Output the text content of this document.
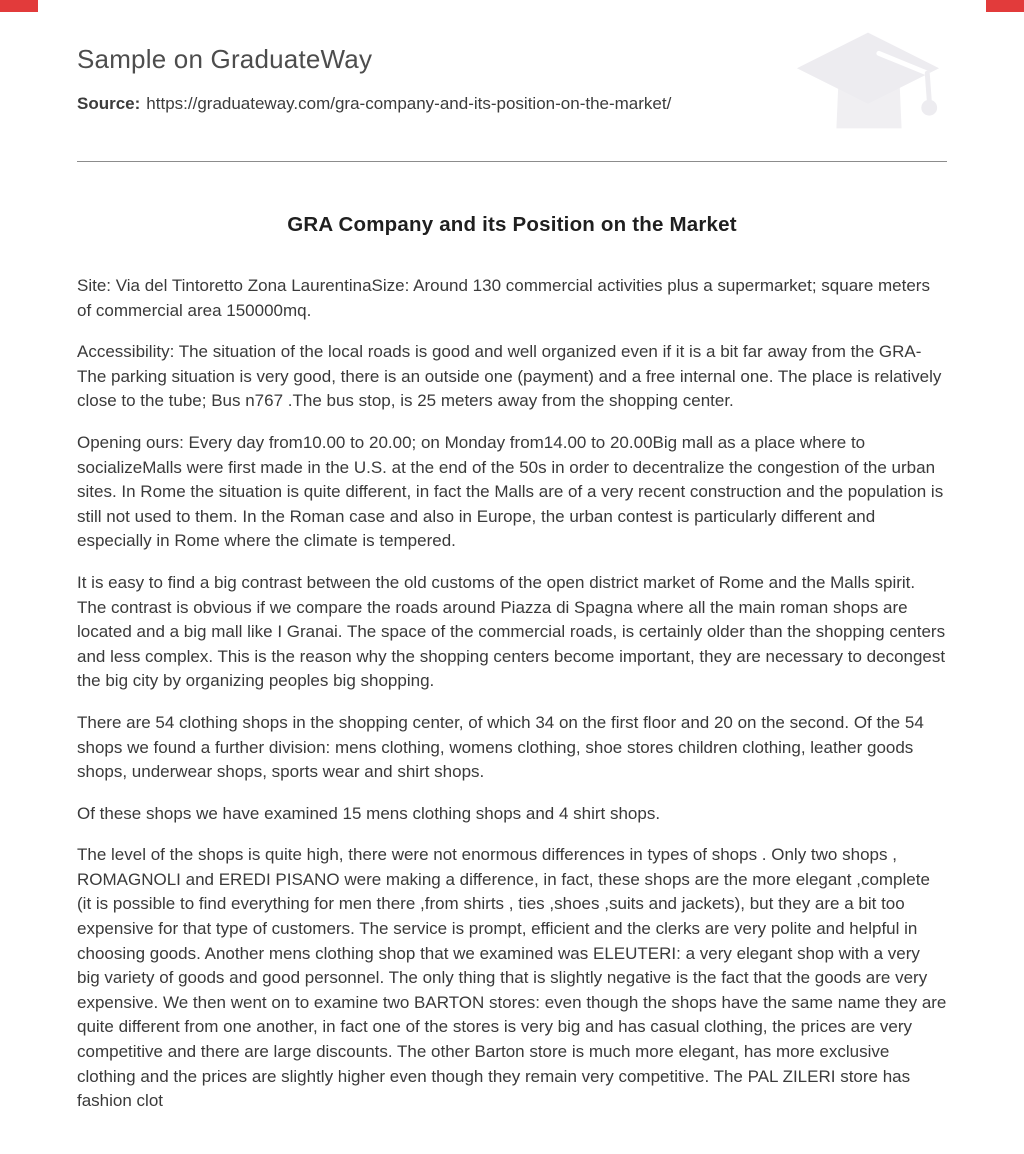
Sample on GraduateWay
Source: https://graduateway.com/gra-company-and-its-position-on-the-market/
GRA Company and its Position on the Market

Site: Via del Tintoretto Zona LaurentinaSize: Around 130 commercial activities plus a supermarket; square meters of commercial area 150000mq.

Accessibility: The situation of the local roads is good and well organized even if it is a bit far away from the GRA- The parking situation is very good, there is an outside one (payment) and a free internal one. The place is relatively close to the tube; Bus n767 .The bus stop, is 25 meters away from the shopping center.

Opening ours: Every day from10.00 to 20.00; on Monday from14.00 to 20.00Big mall as a place where to socializeMalls were first made in the U.S. at the end of the 50s in order to decentralize the congestion of the urban sites. In Rome the situation is quite different, in fact the Malls are of a very recent construction and the population is still not used to them. In the Roman case and also in Europe, the urban contest is particularly different and especially in Rome where the climate is tempered.

It is easy to find a big contrast between the old customs of the open district market of Rome and the Malls spirit. The contrast is obvious if we compare the roads around Piazza di Spagna where all the main roman shops are located and a big mall like I Granai. The space of the commercial roads, is certainly older than the shopping centers and less complex. This is the reason why the shopping centers become important, they are necessary to decongest the big city by organizing peoples big shopping.

There are 54 clothing shops in the shopping center, of which 34 on the first floor and 20 on the second. Of the 54 shops we found a further division: mens clothing, womens clothing, shoe stores children clothing, leather goods shops, underwear shops, sports wear and shirt shops.

Of these shops we have examined 15 mens clothing shops and 4 shirt shops.

The level of the shops is quite high, there were not enormous differences in types of shops . Only two shops , ROMAGNOLI and EREDI PISANO were making a difference, in fact, these shops are the more elegant ,complete (it is possible to find everything for men there ,from shirts , ties ,shoes ,suits and jackets), but they are a bit too expensive for that type of customers. The service is prompt, efficient and the clerks are very polite and helpful in choosing goods. Another mens clothing shop that we examined was ELEUTERI: a very elegant shop with a very big variety of goods and good personnel. The only thing that is slightly negative is the fact that the goods are very expensive. We then went on to examine two BARTON stores: even though the shops have the same name they are quite different from one another, in fact one of the stores is very big and has casual clothing, the prices are very competitive and there are large discounts. The other Barton store is much more elegant, has more exclusive clothing and the prices are slightly higher even though they remain very competitive. The PAL ZILERI store has fashion clot
